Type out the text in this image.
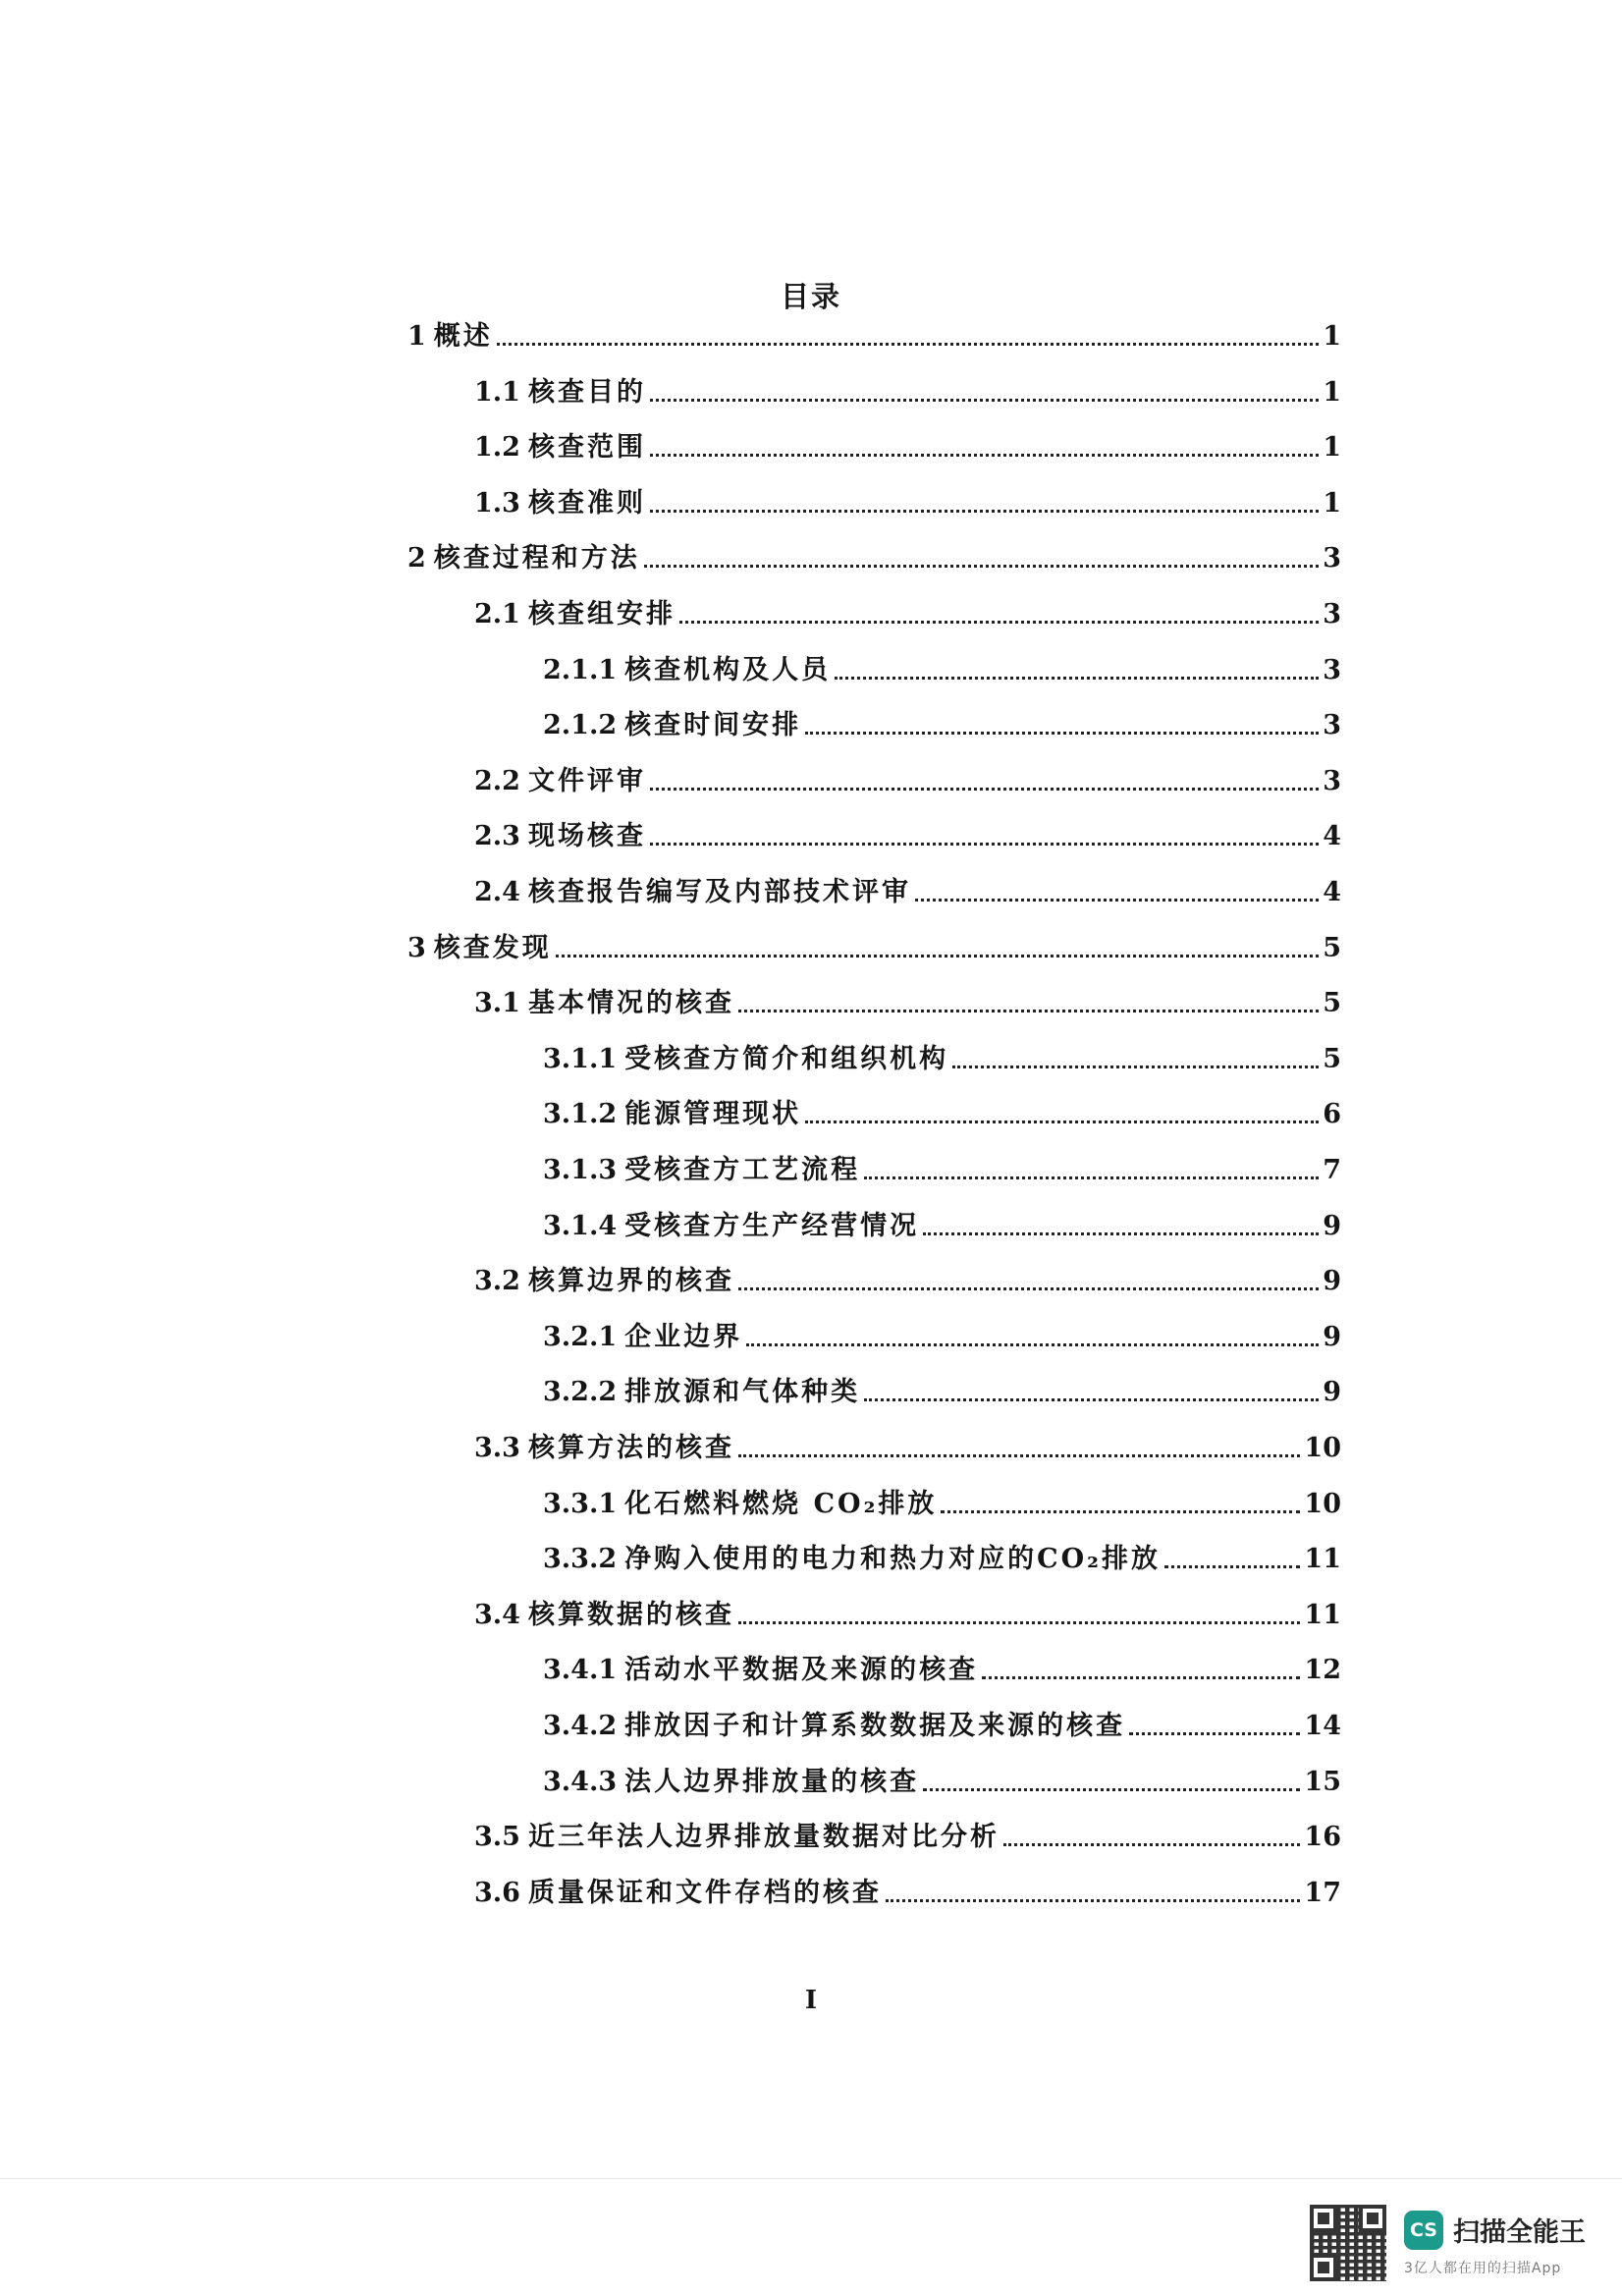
目录
1 概述	1
1.1 核查目的	1
1.2 核查范围	1
1.3 核查准则	1
2 核查过程和方法	3
2.1 核查组安排	3
2.1.1 核查机构及人员	3
2.1.2 核查时间安排	3
2.2 文件评审	3
2.3 现场核查	4
2.4 核查报告编写及内部技术评审	4
3 核查发现	5
3.1 基本情况的核查	5
3.1.1 受核查方简介和组织机构	5
3.1.2 能源管理现状	6
3.1.3 受核查方工艺流程	7
3.1.4 受核查方生产经营情况	9
3.2 核算边界的核查	9
3.2.1 企业边界	9
3.2.2 排放源和气体种类	9
3.3 核算方法的核查	10
3.3.1 化石燃料燃烧 CO₂排放	10
3.3.2 净购入使用的电力和热力对应的CO₂排放	11
3.4 核算数据的核查	11
3.4.1 活动水平数据及来源的核查	12
3.4.2 排放因子和计算系数数据及来源的核查	14
3.4.3 法人边界排放量的核查	15
3.5 近三年法人边界排放量数据对比分析	16
3.6 质量保证和文件存档的核查	17
I
CS 扫描全能王
3亿人都在用的扫描App
